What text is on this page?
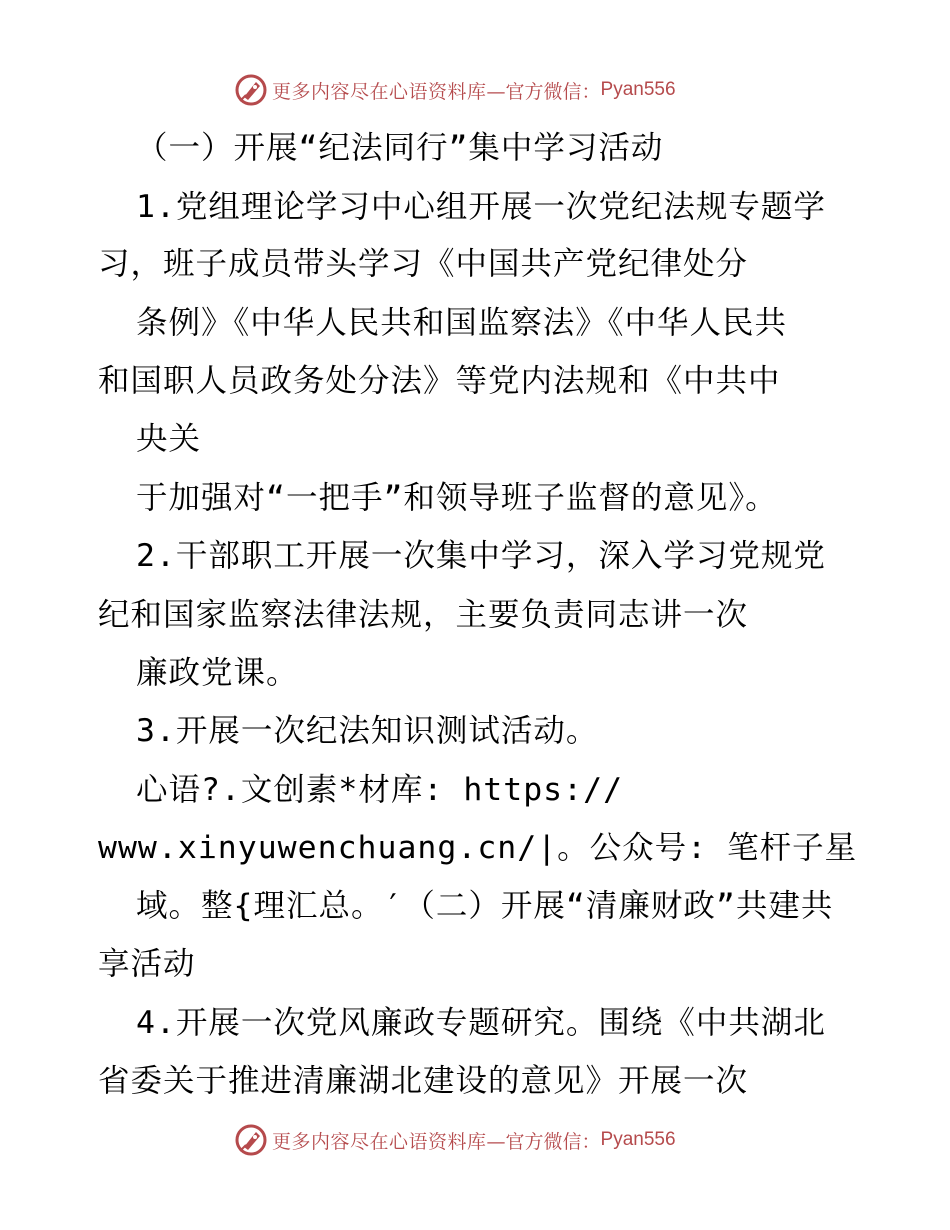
更多内容尽在心语资料库 —官方微信： Pyan556

（一）开展“纪法同行”集中学习活动

1.党组理论学习中心组开展一次党纪法规专题学

习，班子成员带头学习《中国共产党纪律处分

条例》《中华人民共和国监察法》《中华人民共

和国职人员政务处分法》等党内法规和《中共中

央关

于加强对“一把手”和领导班子监督的意见》。

2.干部职工开展一次集中学习，深入学习党规党

纪和国家监察法律法规，主要负责同志讲一次

廉政党课。

3.开展一次纪法知识测试活动。

心语?.文创素*材库: https://

www.xinyuwenchuang.cn/|。公众号: 笔杆子星

域。整{理汇总。′（二）开展“清廉财政”共建共

享活动

4.开展一次党风廉政专题研究。围绕《中共湖北

省委关于推进清廉湖北建设的意见》开展一次

更多内容尽在心语资料库 —官方微信： Pyan556
